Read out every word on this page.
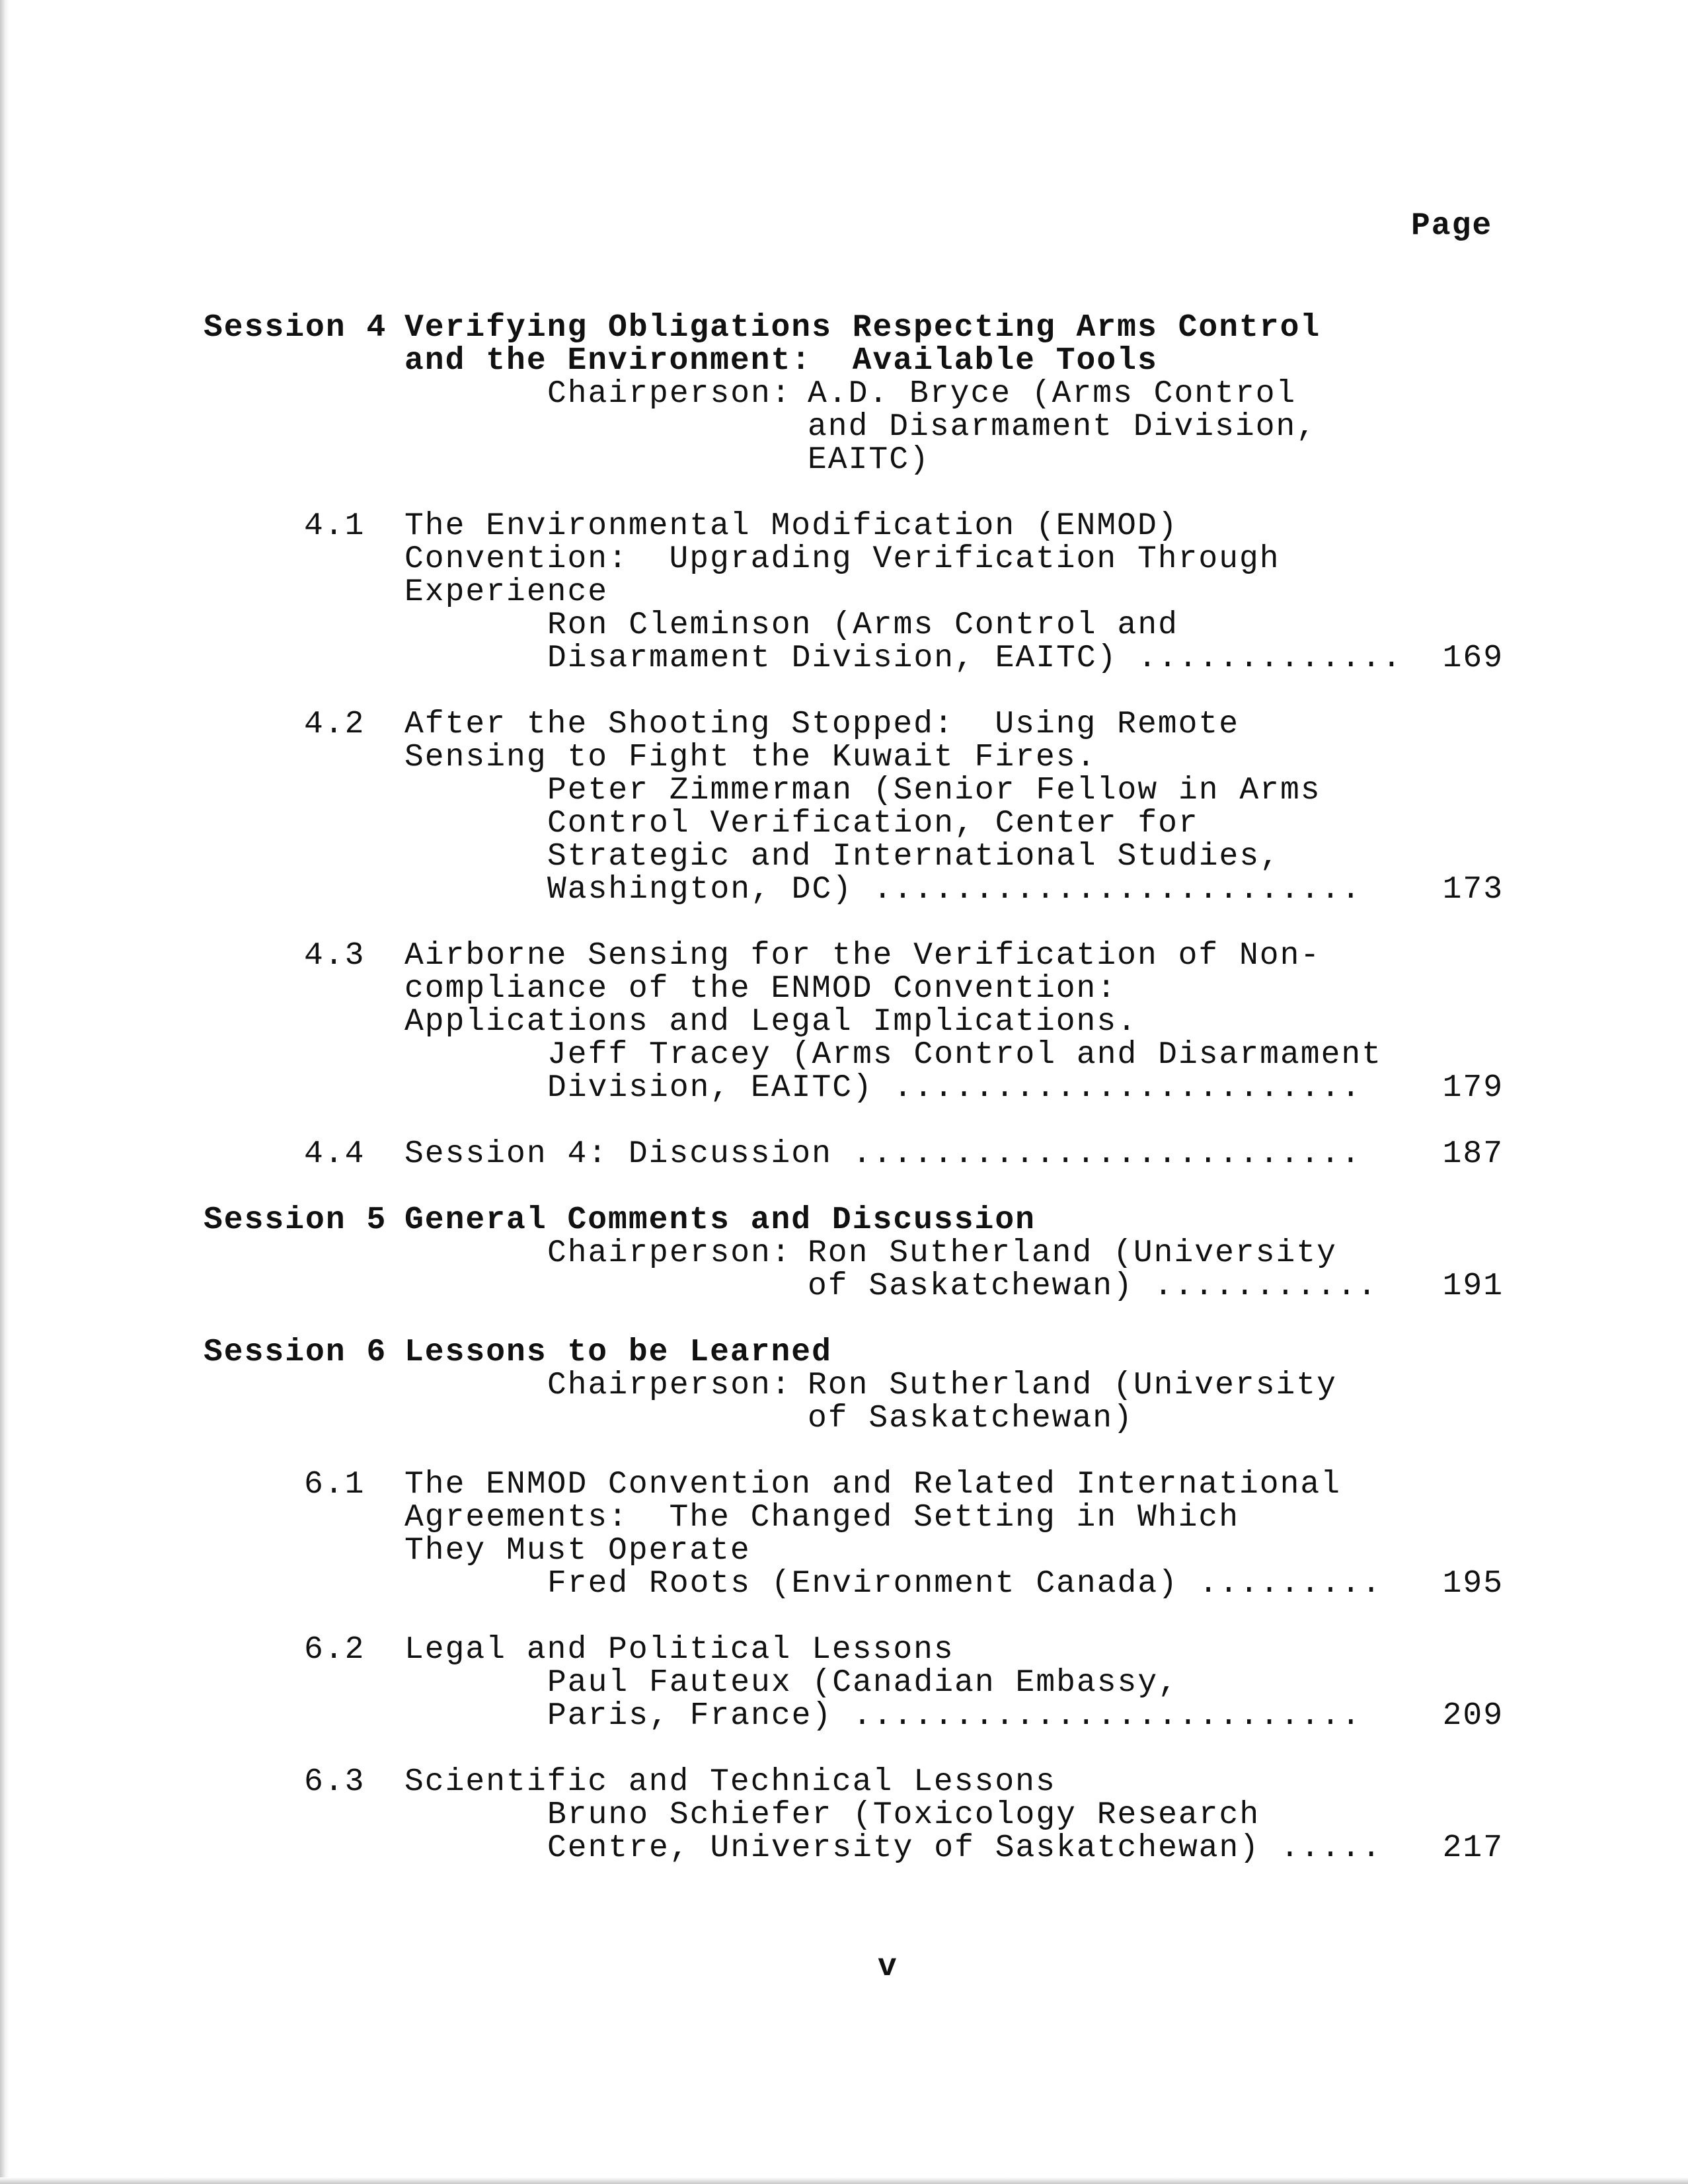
Page

Session 4 Verifying Obligations Respecting Arms Control

and the Environment:  Available Tools

Chairperson: A.D. Bryce (Arms Control

and Disarmament Division,

EAITC)

4.1 The Environmental Modification (ENMOD)

Convention:  Upgrading Verification Through

Experience

Ron Cleminson (Arms Control and

Disarmament Division, EAITC) .............	169

4.2 After the Shooting Stopped:  Using Remote

Sensing to Fight the Kuwait Fires.

Peter Zimmerman (Senior Fellow in Arms

Control Verification, Center for

Strategic and International Studies,

Washington, DC) ........................	173

4.3 Airborne Sensing for the Verification of Non-

compliance of the ENMOD Convention:

Applications and Legal Implications.

Jeff Tracey (Arms Control and Disarmament

Division, EAITC) .......................	179

4.4 Session 4: Discussion .........................	187

Session 5 General Comments and Discussion

Chairperson: Ron Sutherland (University

of Saskatchewan) ...........	191

Session 6 Lessons to be Learned

Chairperson: Ron Sutherland (University

of Saskatchewan)

6.1 The ENMOD Convention and Related International

Agreements:  The Changed Setting in Which

They Must Operate

Fred Roots (Environment Canada) .........	195

6.2 Legal and Political Lessons

Paul Fauteux (Canadian Embassy,

Paris, France) .........................	209

6.3 Scientific and Technical Lessons

Bruno Schiefer (Toxicology Research

Centre, University of Saskatchewan) .....	217

v
